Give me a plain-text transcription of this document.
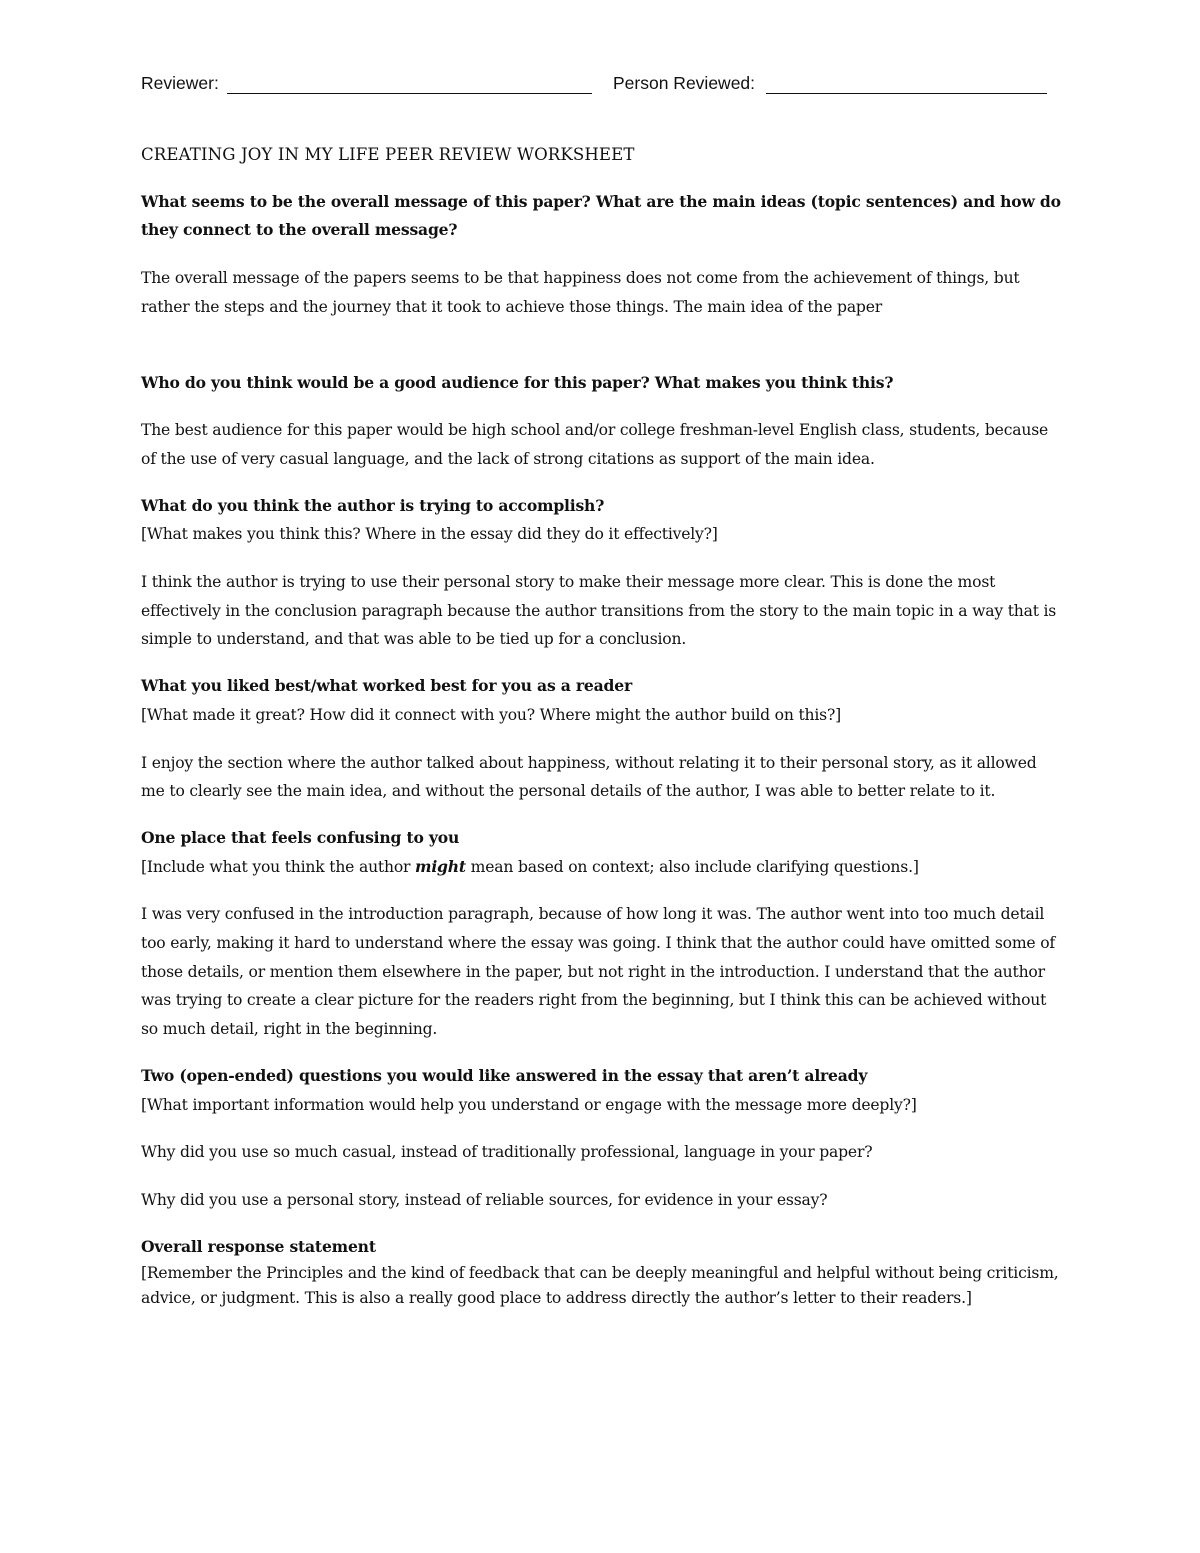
Reviewer:	Person Reviewed:

CREATING JOY IN MY LIFE PEER REVIEW WORKSHEET

What seems to be the overall message of this paper? What are the main ideas (topic sentences) and how do they connect to the overall message?

The overall message of the papers seems to be that happiness does not come from the achievement of things, but rather the steps and the journey that it took to achieve those things. The main idea of the paper

Who do you think would be a good audience for this paper? What makes you think this?

The best audience for this paper would be high school and/or college freshman-level English class, students, because of the use of very casual language, and the lack of strong citations as support of the main idea.

What do you think the author is trying to accomplish?

[What makes you think this? Where in the essay did they do it effectively?]

I think the author is trying to use their personal story to make their message more clear. This is done the most effectively in the conclusion paragraph because the author transitions from the story to the main topic in a way that is simple to understand, and that was able to be tied up for a conclusion.

What you liked best/what worked best for you as a reader

[What made it great? How did it connect with you? Where might the author build on this?]

I enjoy the section where the author talked about happiness, without relating it to their personal story, as it allowed me to clearly see the main idea, and without the personal details of the author, I was able to better relate to it.

One place that feels confusing to you

[Include what you think the author might mean based on context; also include clarifying questions.]

I was very confused in the introduction paragraph, because of how long it was. The author went into too much detail too early, making it hard to understand where the essay was going. I think that the author could have omitted some of those details, or mention them elsewhere in the paper, but not right in the introduction. I understand that the author was trying to create a clear picture for the readers right from the beginning, but I think this can be achieved without so much detail, right in the beginning.

Two (open-ended) questions you would like answered in the essay that aren’t already

[What important information would help you understand or engage with the message more deeply?]

Why did you use so much casual, instead of traditionally professional, language in your paper?

Why did you use a personal story, instead of reliable sources, for evidence in your essay?

Overall response statement

[Remember the Principles and the kind of feedback that can be deeply meaningful and helpful without being criticism, advice, or judgment. This is also a really good place to address directly the author’s letter to their readers.]
